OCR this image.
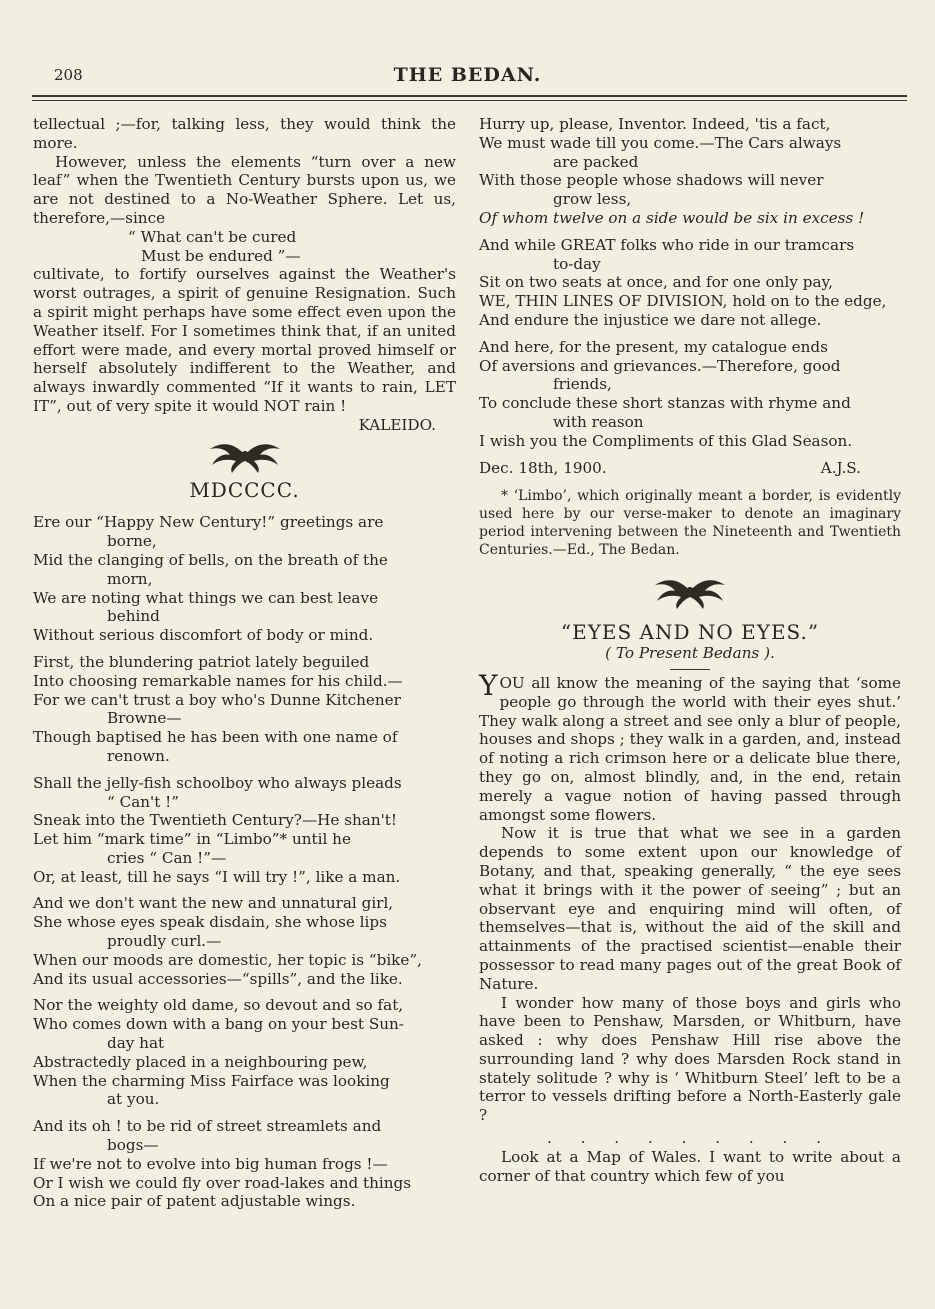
208	THE BEDAN.

tellectual ;—for, talking less, they would think the more.

However, unless the elements “turn over a new leaf” when the Twentieth Century bursts upon us, we are not destined to a No-Weather Sphere. Let us, therefore,—since

“ What can't be cured

Must be endured ”—

cultivate, to fortify ourselves against the Weather's worst outrages, a spirit of genuine Resignation. Such a spirit might perhaps have some effect even upon the Weather itself. For I sometimes think that, if an united effort were made, and every mortal proved himself or herself absolutely indifferent to the Weather, and always inwardly commented “If it wants to rain, LET IT”, out of very spite it would NOT rain !

KALEIDO.

MDCCCC.

Ere our “Happy New Century!” greetings are

borne,

Mid the clanging of bells, on the breath of the

morn,

We are noting what things we can best leave

behind

Without serious discomfort of body or mind.

First, the blundering patriot lately beguiled

Into choosing remarkable names for his child.—

For we can't trust a boy who's Dunne Kitchener

Browne—

Though baptised he has been with one name of

renown.

Shall the jelly-fish schoolboy who always pleads

“ Can't !”

Sneak into the Twentieth Century?—He shan't!

Let him “mark time” in “Limbo”* until he

cries “ Can !”—

Or, at least, till he says “I will try !”, like a man.

And we don't want the new and unnatural girl,

She whose eyes speak disdain, she whose lips

proudly curl.—

When our moods are domestic, her topic is “bike”,

And its usual accessories—“spills”, and the like.

Nor the weighty old dame, so devout and so fat,

Who comes down with a bang on your best Sun-

day hat

Abstractedly placed in a neighbouring pew,

When the charming Miss Fairface was looking

at you.

And its oh ! to be rid of street streamlets and

bogs—

If we're not to evolve into big human frogs !—

Or I wish we could fly over road-lakes and things

On a nice pair of patent adjustable wings.

Hurry up, please, Inventor. Indeed, 'tis a fact,

We must wade till you come.—The Cars always

are packed

With those people whose shadows will never

grow less,

Of whom twelve on a side would be six in excess !

And while GREAT folks who ride in our tramcars

to-day

Sit on two seats at once, and for one only pay,

WE, THIN LINES OF DIVISION, hold on to the edge,

And endure the injustice we dare not allege.

And here, for the present, my catalogue ends

Of aversions and grievances.—Therefore, good

friends,

To conclude these short stanzas with rhyme and

with reason

I wish you the Compliments of this Glad Season.

Dec. 18th, 1900.	A.J.S.

* ‘Limbo’, which originally meant a border, is evidently used here by our verse-maker to denote an imaginary period intervening between the Nineteenth and Twentieth Centuries.—Ed., The Bedan.

“EYES AND NO EYES.”

( To Present Bedans ).

YOU all know the meaning of the saying that ‘some people go through the world with their eyes shut.’ They walk along a street and see only a blur of people, houses and shops ; they walk in a garden, and, instead of noting a rich crimson here or a delicate blue there, they go on, almost blindly, and, in the end, retain merely a vague notion of having passed through amongst some flowers.

Now it is true that what we see in a garden depends to some extent upon our knowledge of Botany, and that, speaking generally, “ the eye sees what it brings with it the power of seeing” ; but an observant eye and enquiring mind will often, of themselves—that is, without the aid of the skill and attainments of the practised scientist—enable their possessor to read many pages out of the great Book of Nature.

I wonder how many of those boys and girls who have been to Penshaw, Marsden, or Whitburn, have asked : why does Penshaw Hill rise above the surrounding land ? why does Marsden Rock stand in stately solitude ? why is ‘ Whitburn Steel’ left to be a terror to vessels drifting before a North-Easterly gale ?

. . . . . . . . .

Look at a Map of Wales. I want to write about a corner of that country which few of you
